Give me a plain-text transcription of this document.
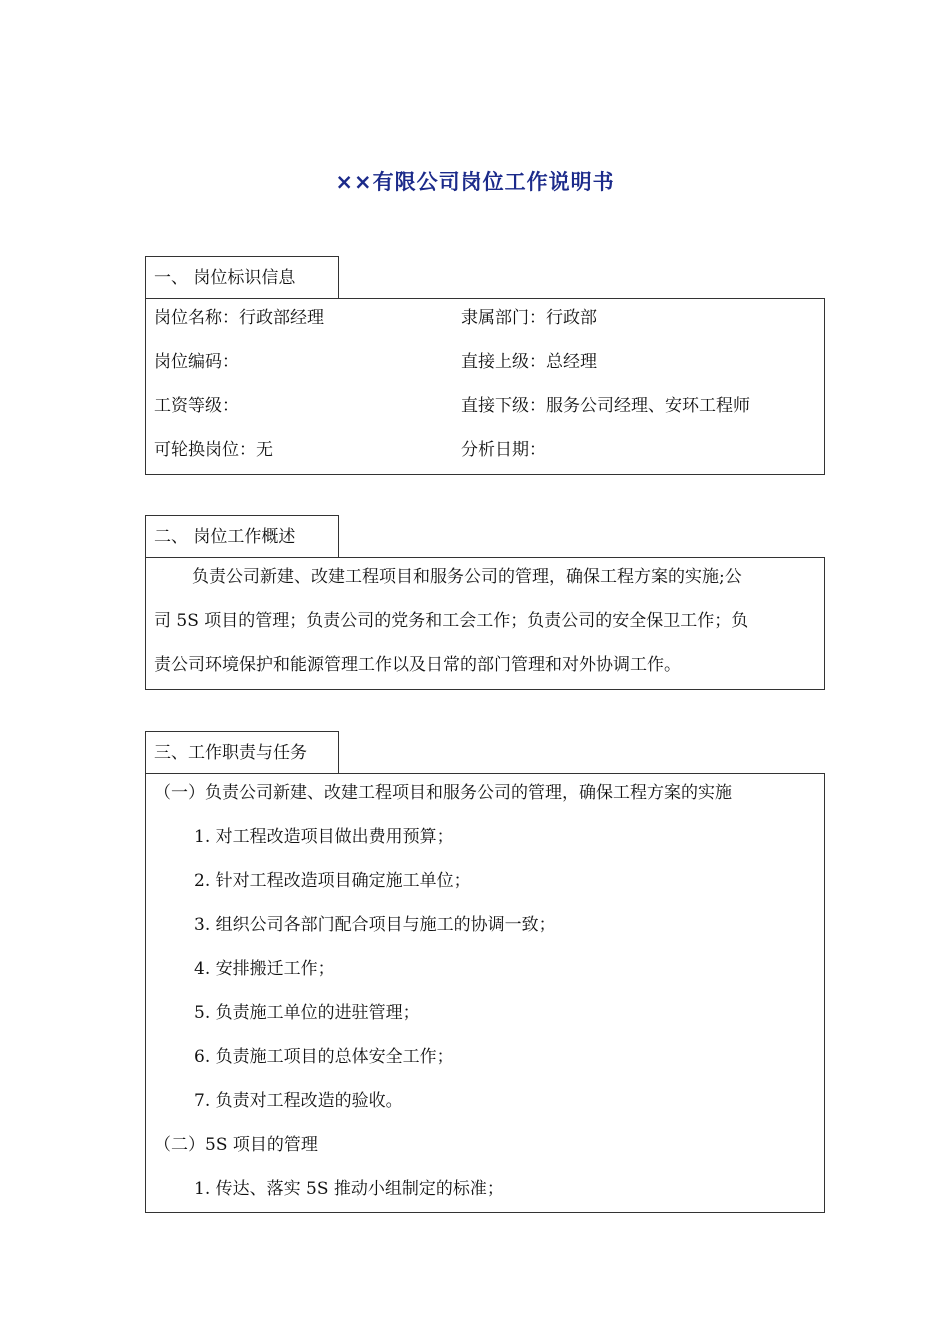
××有限公司岗位工作说明书
一、 岗位标识信息
岗位名称：行政部经理	隶属部门：行政部
岗位编码：	直接上级：总经理
工资等级：	直接下级：服务公司经理、安环工程师
可轮换岗位：无	分析日期：
二、 岗位工作概述
负责公司新建、改建工程项目和服务公司的管理，确保工程方案的实施;公
司 5S 项目的管理；负责公司的党务和工会工作；负责公司的安全保卫工作；负
责公司环境保护和能源管理工作以及日常的部门管理和对外协调工作。
三、工作职责与任务
（一）负责公司新建、改建工程项目和服务公司的管理，确保工程方案的实施
1. 对工程改造项目做出费用预算；
2. 针对工程改造项目确定施工单位；
3. 组织公司各部门配合项目与施工的协调一致；
4. 安排搬迁工作；
5. 负责施工单位的进驻管理；
6. 负责施工项目的总体安全工作；
7. 负责对工程改造的验收。
（二）5S 项目的管理
1. 传达、落实 5S 推动小组制定的标准；
